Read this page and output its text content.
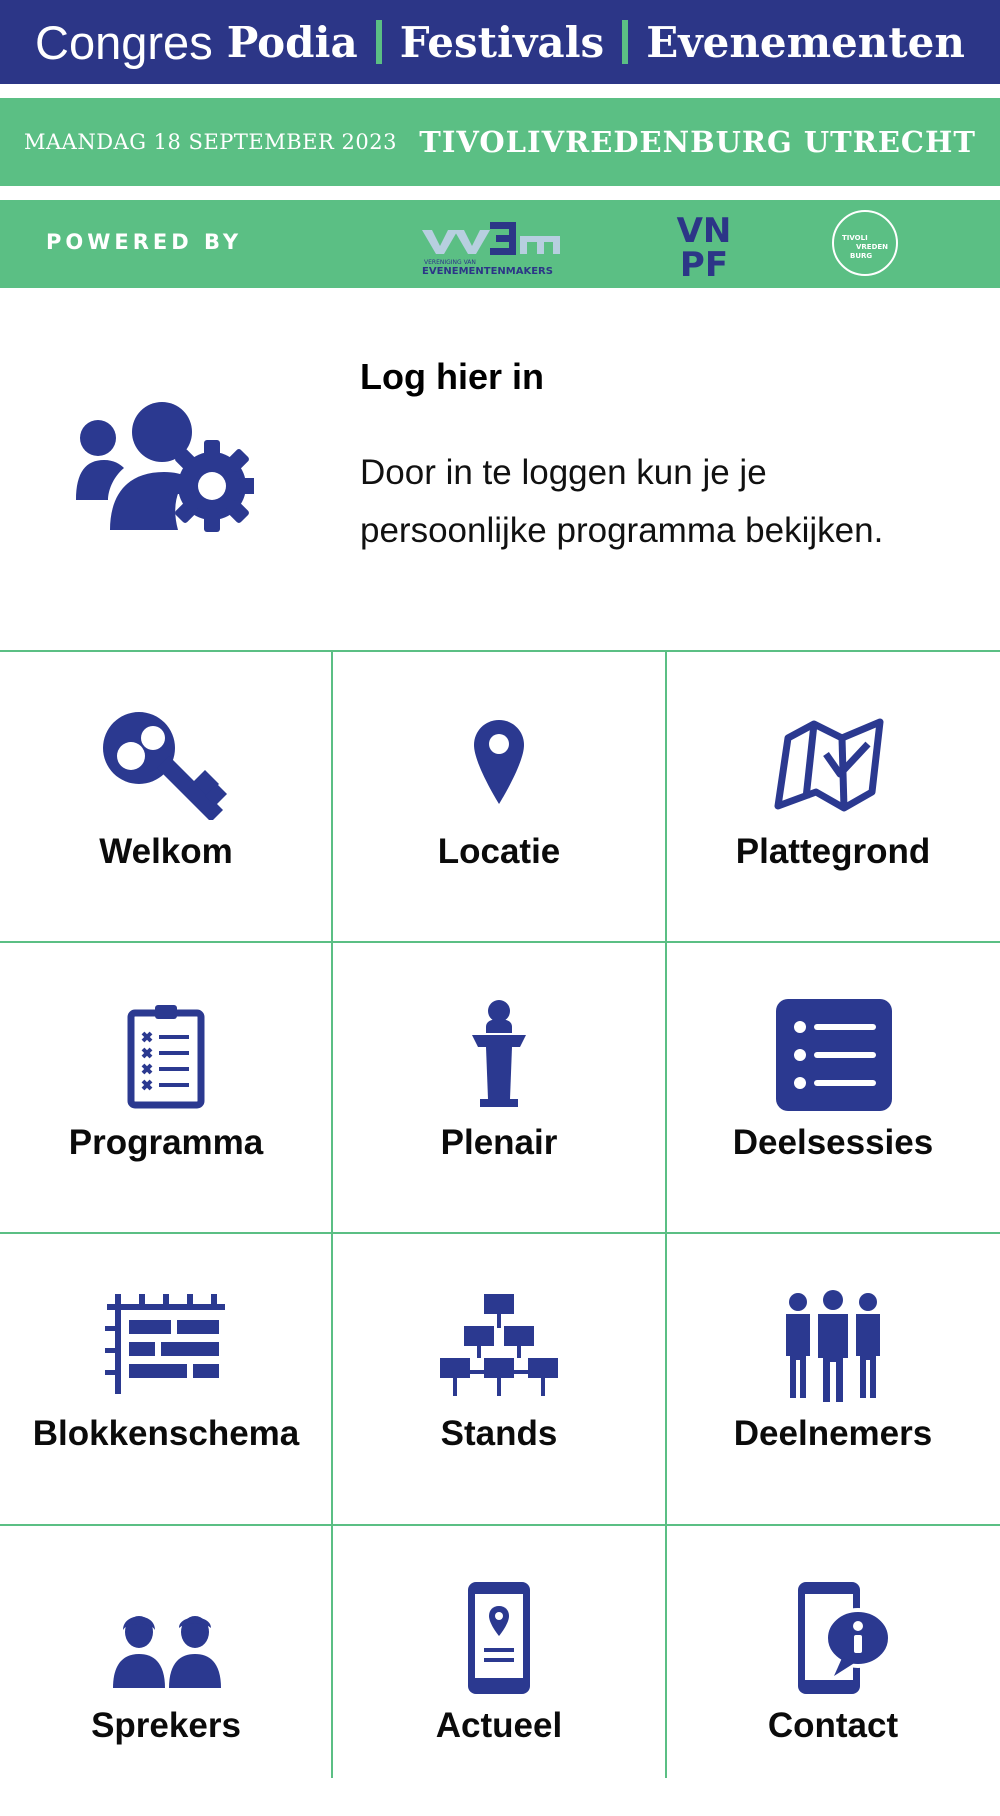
Congres Podia Festivals Evenementen
MAANDAG 18 SEPTEMBER 2023 TIVOLIVREDENBURG UTRECHT
POWERED BY
VERENIGING VAN
EVENEMENTENMAKERS
VN
PF
TIVOLI
VREDEN
BURG
Log hier in
Door in te loggen kun je je
persoonlijke programma bekijken.
Welkom	Locatie	Plattegrond
Programma	Plenair	Deelsessies
Blokkenschema	Stands	Deelnemers
Sprekers	Actueel	Contact
